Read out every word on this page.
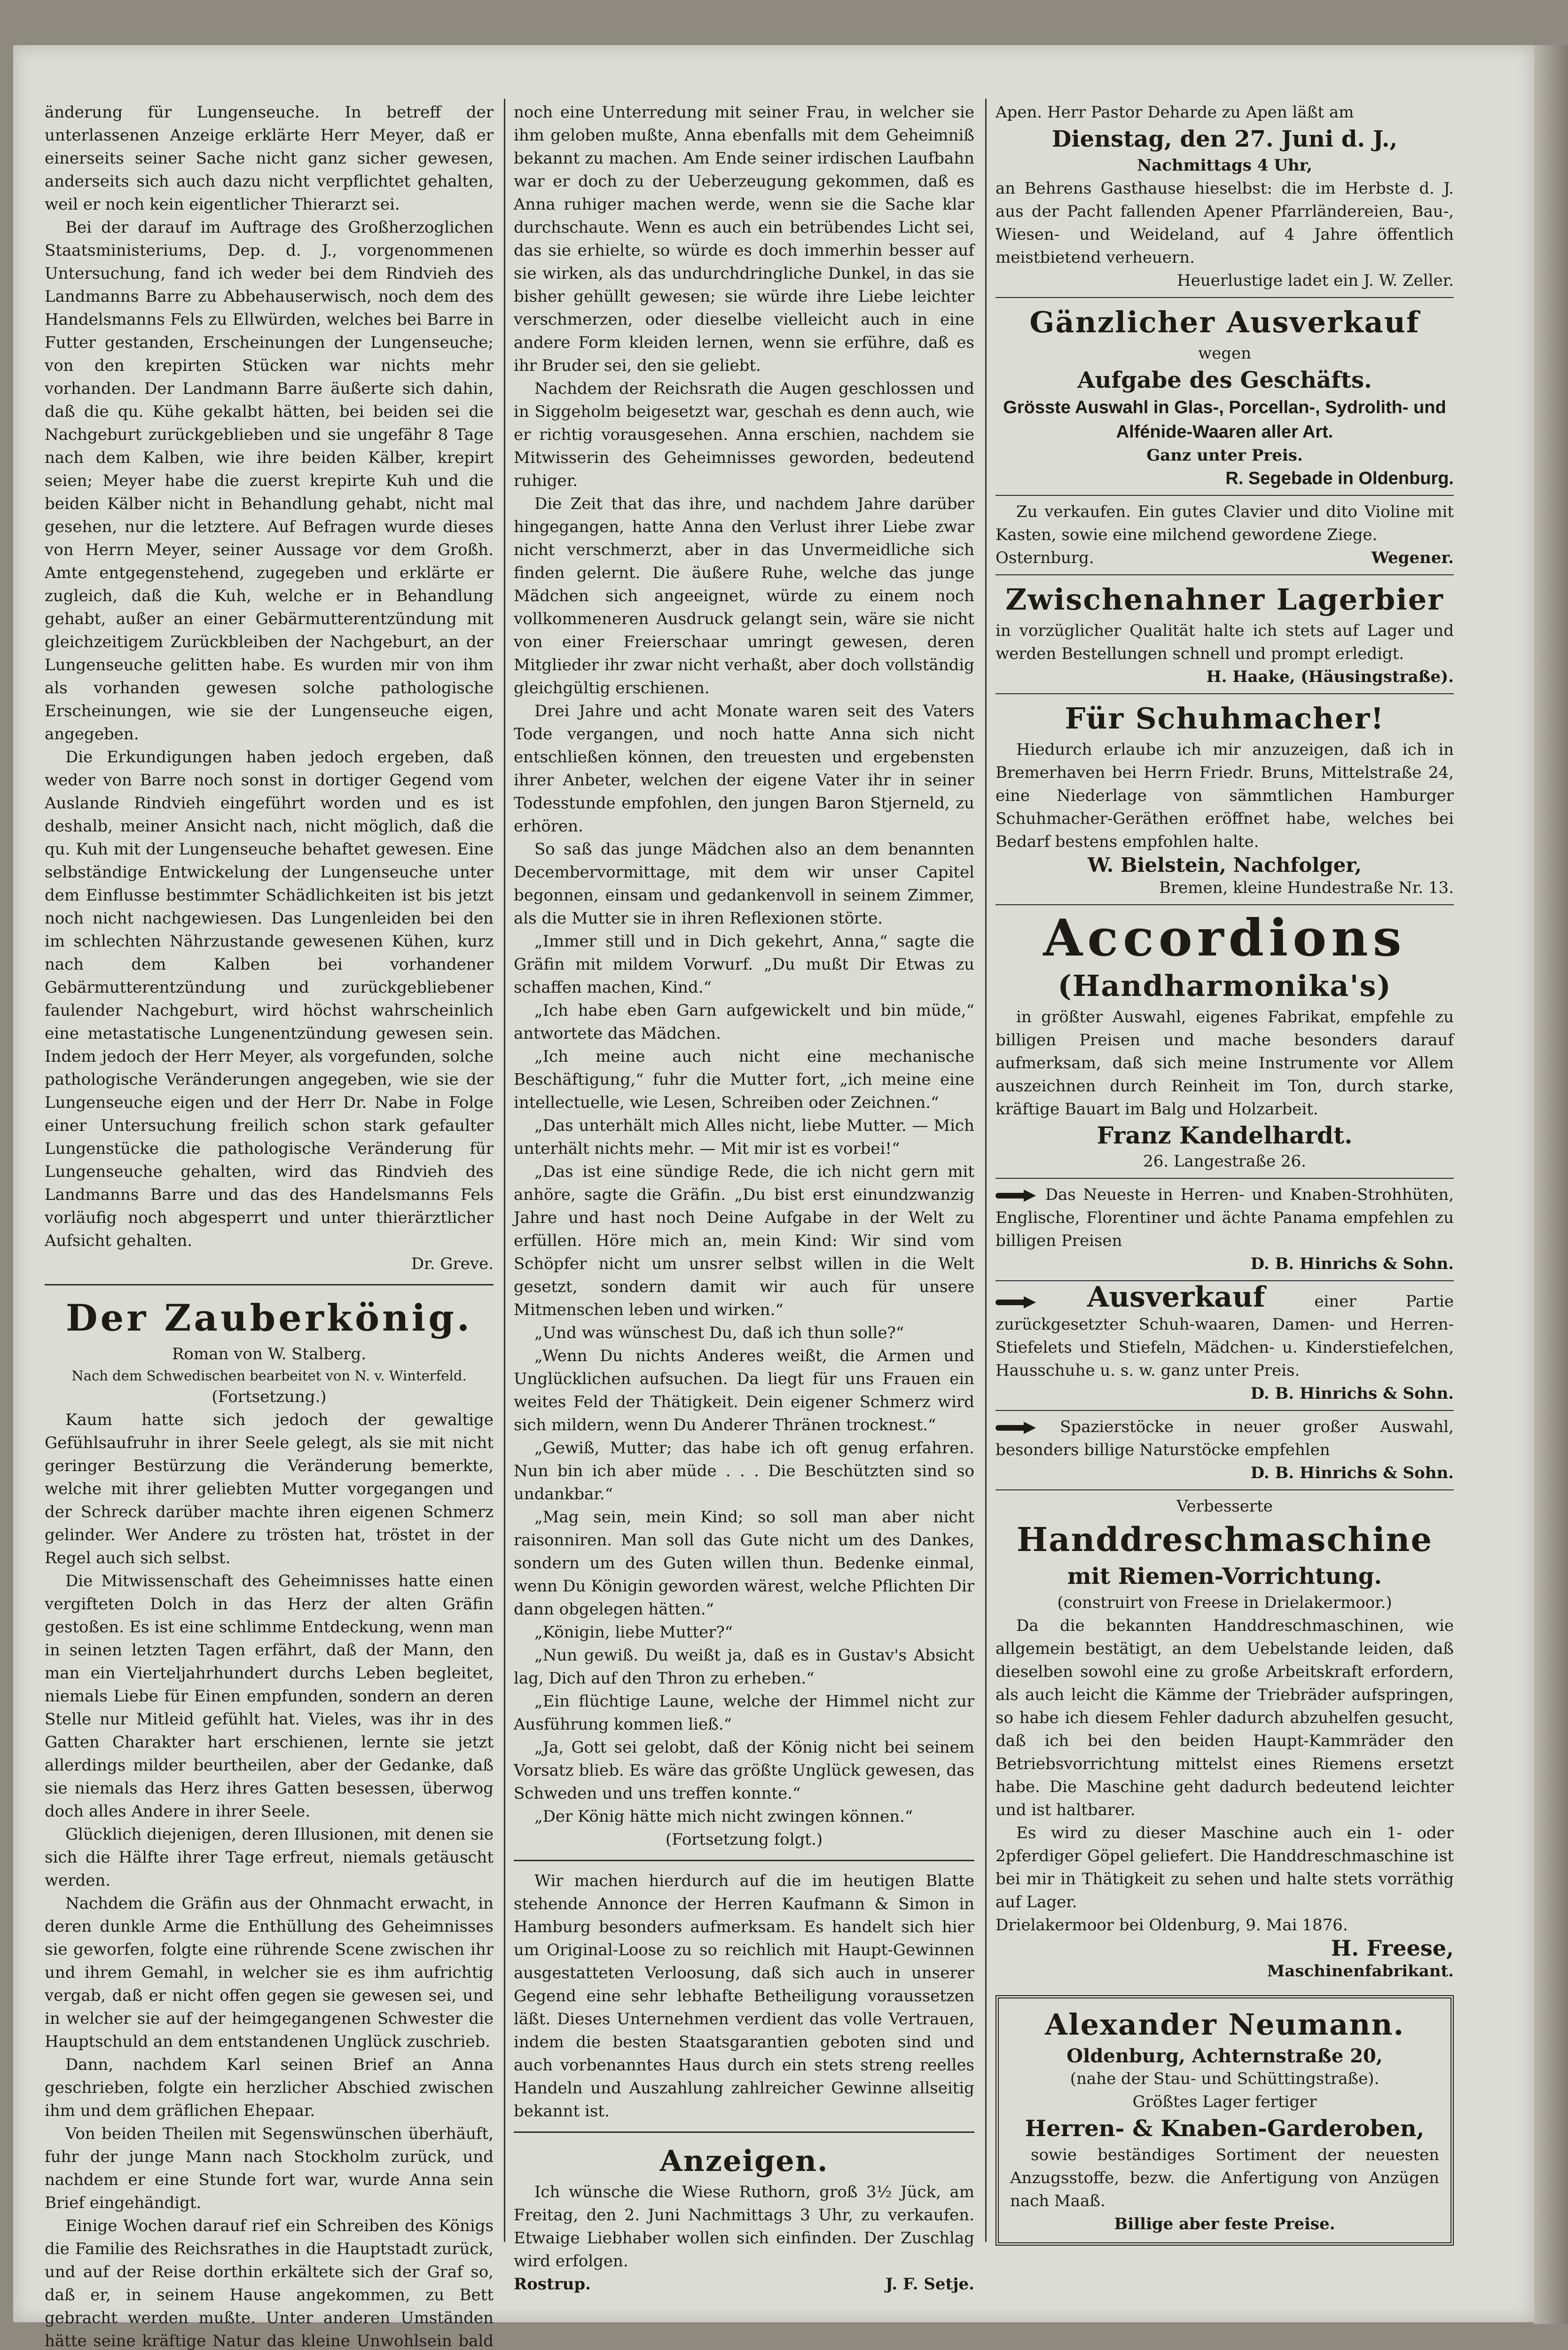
änderung für Lungenseuche. In betreff der unterlassenen Anzeige erklärte Herr Meyer, daß er einerseits seiner Sache nicht ganz sicher gewesen, anderseits sich auch dazu nicht verpflichtet gehalten, weil er noch kein eigentlicher Thierarzt sei.

Bei der darauf im Auftrage des Großherzoglichen Staatsministeriums, Dep. d. J., vorgenommenen Untersuchung, fand ich weder bei dem Rindvieh des Landmanns Barre zu Abbehauserwisch, noch dem des Handelsmanns Fels zu Ellwürden, welches bei Barre in Futter gestanden, Erscheinungen der Lungenseuche; von den krepirten Stücken war nichts mehr vorhanden. Der Landmann Barre äußerte sich dahin, daß die qu. Kühe gekalbt hätten, bei beiden sei die Nachgeburt zurückgeblieben und sie ungefähr 8 Tage nach dem Kalben, wie ihre beiden Kälber, krepirt seien; Meyer habe die zuerst krepirte Kuh und die beiden Kälber nicht in Behandlung gehabt, nicht mal gesehen, nur die letztere. Auf Befragen wurde dieses von Herrn Meyer, seiner Aussage vor dem Großh. Amte entgegenstehend, zugegeben und erklärte er zugleich, daß die Kuh, welche er in Behandlung gehabt, außer an einer Gebärmutterentzündung mit gleichzeitigem Zurückbleiben der Nachgeburt, an der Lungenseuche gelitten habe. Es wurden mir von ihm als vorhanden gewesen solche pathologische Erscheinungen, wie sie der Lungenseuche eigen, angegeben.

Die Erkundigungen haben jedoch ergeben, daß weder von Barre noch sonst in dortiger Gegend vom Auslande Rindvieh eingeführt worden und es ist deshalb, meiner Ansicht nach, nicht möglich, daß die qu. Kuh mit der Lungenseuche behaftet gewesen. Eine selbständige Entwickelung der Lungenseuche unter dem Einflusse bestimmter Schädlichkeiten ist bis jetzt noch nicht nachgewiesen. Das Lungenleiden bei den im schlechten Nährzustande gewesenen Kühen, kurz nach dem Kalben bei vorhandener Gebärmutterentzündung und zurückgebliebener faulender Nachgeburt, wird höchst wahrscheinlich eine metastatische Lungenentzündung gewesen sein. Indem jedoch der Herr Meyer, als vorgefunden, solche pathologische Veränderungen angegeben, wie sie der Lungenseuche eigen und der Herr Dr. Nabe in Folge einer Untersuchung freilich schon stark gefaulter Lungenstücke die pathologische Veränderung für Lungenseuche gehalten, wird das Rindvieh des Landmanns Barre und das des Handelsmanns Fels vorläufig noch abgesperrt und unter thierärztlicher Aufsicht gehalten.

Dr. Greve.

Der Zauberkönig.

Roman von W. Stalberg.

Nach dem Schwedischen bearbeitet von N. v. Winterfeld.

(Fortsetzung.)

Kaum hatte sich jedoch der gewaltige Gefühlsaufruhr in ihrer Seele gelegt, als sie mit nicht geringer Bestürzung die Veränderung bemerkte, welche mit ihrer geliebten Mutter vorgegangen und der Schreck darüber machte ihren eigenen Schmerz gelinder. Wer Andere zu trösten hat, tröstet in der Regel auch sich selbst.

Die Mitwissenschaft des Geheimnisses hatte einen vergifteten Dolch in das Herz der alten Gräfin gestoßen. Es ist eine schlimme Entdeckung, wenn man in seinen letzten Tagen erfährt, daß der Mann, den man ein Vierteljahrhundert durchs Leben begleitet, niemals Liebe für Einen empfunden, sondern an deren Stelle nur Mitleid gefühlt hat. Vieles, was ihr in des Gatten Charakter hart erschienen, lernte sie jetzt allerdings milder beurtheilen, aber der Gedanke, daß sie niemals das Herz ihres Gatten besessen, überwog doch alles Andere in ihrer Seele.

Glücklich diejenigen, deren Illusionen, mit denen sie sich die Hälfte ihrer Tage erfreut, niemals getäuscht werden.

Nachdem die Gräfin aus der Ohnmacht erwacht, in deren dunkle Arme die Enthüllung des Geheimnisses sie geworfen, folgte eine rührende Scene zwischen ihr und ihrem Gemahl, in welcher sie es ihm aufrichtig vergab, daß er nicht offen gegen sie gewesen sei, und in welcher sie auf der heimgegangenen Schwester die Hauptschuld an dem entstandenen Unglück zuschrieb.

Dann, nachdem Karl seinen Brief an Anna geschrieben, folgte ein herzlicher Abschied zwischen ihm und dem gräflichen Ehepaar.

Von beiden Theilen mit Segenswünschen überhäuft, fuhr der junge Mann nach Stockholm zurück, und nachdem er eine Stunde fort war, wurde Anna sein Brief eingehändigt.

Einige Wochen darauf rief ein Schreiben des Königs die Familie des Reichsrathes in die Hauptstadt zurück, und auf der Reise dorthin erkältete sich der Graf so, daß er, in seinem Hause angekommen, zu Bett gebracht werden mußte. Unter anderen Umständen hätte seine kräftige Natur das kleine Unwohlsein bald

noch eine Unterredung mit seiner Frau, in welcher sie ihm geloben mußte, Anna ebenfalls mit dem Geheimniß bekannt zu machen. Am Ende seiner irdischen Laufbahn war er doch zu der Ueberzeugung gekommen, daß es Anna ruhiger machen werde, wenn sie die Sache klar durchschaute. Wenn es auch ein betrübendes Licht sei, das sie erhielte, so würde es doch immerhin besser auf sie wirken, als das undurchdringliche Dunkel, in das sie bisher gehüllt gewesen; sie würde ihre Liebe leichter verschmerzen, oder dieselbe vielleicht auch in eine andere Form kleiden lernen, wenn sie erführe, daß es ihr Bruder sei, den sie geliebt.

Nachdem der Reichsrath die Augen geschlossen und in Siggeholm beigesetzt war, geschah es denn auch, wie er richtig vorausgesehen. Anna erschien, nachdem sie Mitwisserin des Geheimnisses geworden, bedeutend ruhiger.

Die Zeit that das ihre, und nachdem Jahre darüber hingegangen, hatte Anna den Verlust ihrer Liebe zwar nicht verschmerzt, aber in das Unvermeidliche sich finden gelernt. Die äußere Ruhe, welche das junge Mädchen sich angeeignet, würde zu einem noch vollkommeneren Ausdruck gelangt sein, wäre sie nicht von einer Freierschaar umringt gewesen, deren Mitglieder ihr zwar nicht verhaßt, aber doch vollständig gleichgültig erschienen.

Drei Jahre und acht Monate waren seit des Vaters Tode vergangen, und noch hatte Anna sich nicht entschließen können, den treuesten und ergebensten ihrer Anbeter, welchen der eigene Vater ihr in seiner Todesstunde empfohlen, den jungen Baron Stjerneld, zu erhören.

So saß das junge Mädchen also an dem benannten Decembervormittage, mit dem wir unser Capitel begonnen, einsam und gedankenvoll in seinem Zimmer, als die Mutter sie in ihren Reflexionen störte.

„Immer still und in Dich gekehrt, Anna,“ sagte die Gräfin mit mildem Vorwurf. „Du mußt Dir Etwas zu schaffen machen, Kind.“

„Ich habe eben Garn aufgewickelt und bin müde,“ antwortete das Mädchen.

„Ich meine auch nicht eine mechanische Beschäftigung,“ fuhr die Mutter fort, „ich meine eine intellectuelle, wie Lesen, Schreiben oder Zeichnen.“

„Das unterhält mich Alles nicht, liebe Mutter. — Mich unterhält nichts mehr. — Mit mir ist es vorbei!“

„Das ist eine sündige Rede, die ich nicht gern mit anhöre, sagte die Gräfin. „Du bist erst einundzwanzig Jahre und hast noch Deine Aufgabe in der Welt zu erfüllen. Höre mich an, mein Kind: Wir sind vom Schöpfer nicht um unsrer selbst willen in die Welt gesetzt, sondern damit wir auch für unsere Mitmenschen leben und wirken.“

„Und was wünschest Du, daß ich thun solle?“

„Wenn Du nichts Anderes weißt, die Armen und Unglücklichen aufsuchen. Da liegt für uns Frauen ein weites Feld der Thätigkeit. Dein eigener Schmerz wird sich mildern, wenn Du Anderer Thränen trocknest.“

„Gewiß, Mutter; das habe ich oft genug erfahren. Nun bin ich aber müde . . . Die Beschützten sind so undankbar.“

„Mag sein, mein Kind; so soll man aber nicht raisonniren. Man soll das Gute nicht um des Dankes, sondern um des Guten willen thun. Bedenke einmal, wenn Du Königin geworden wärest, welche Pflichten Dir dann obgelegen hätten.“

„Königin, liebe Mutter?“

„Nun gewiß. Du weißt ja, daß es in Gustav's Absicht lag, Dich auf den Thron zu erheben.“

„Ein flüchtige Laune, welche der Himmel nicht zur Ausführung kommen ließ.“

„Ja, Gott sei gelobt, daß der König nicht bei seinem Vorsatz blieb. Es wäre das größte Unglück gewesen, das Schweden und uns treffen konnte.“

„Der König hätte mich nicht zwingen können.“

(Fortsetzung folgt.)

Wir machen hierdurch auf die im heutigen Blatte stehende Annonce der Herren Kaufmann & Simon in Hamburg besonders aufmerksam. Es handelt sich hier um Original-Loose zu so reichlich mit Haupt-Gewinnen ausgestatteten Verloosung, daß sich auch in unserer Gegend eine sehr lebhafte Betheiligung voraussetzen läßt. Dieses Unternehmen verdient das volle Vertrauen, indem die besten Staatsgarantien geboten sind und auch vorbenanntes Haus durch ein stets streng reelles Handeln und Auszahlung zahlreicher Gewinne allseitig bekannt ist.

Anzeigen.

Ich wünsche die Wiese Ruthorn, groß 3½ Jück, am Freitag, den 2. Juni Nachmittags 3 Uhr, zu verkaufen. Etwaige Liebhaber wollen sich einfinden. Der Zuschlag wird erfolgen.

Rostrup.	J. F. Setje.

Apen. Herr Pastor Deharde zu Apen läßt am

Dienstag, den 27. Juni d. J.,

Nachmittags 4 Uhr,

an Behrens Gasthause hieselbst: die im Herbste d. J. aus der Pacht fallenden Apener Pfarrländereien, Bau-, Wiesen- und Weideland, auf 4 Jahre öffentlich meistbietend verheuern.

Heuerlustige ladet ein J. W. Zeller.

Gänzlicher Ausverkauf

wegen

Aufgabe des Geschäfts.

Grösste Auswahl in Glas-, Porcellan-, Sydrolith- und Alfénide-Waaren aller Art.

Ganz unter Preis.

R. Segebade in Oldenburg.

Zu verkaufen. Ein gutes Clavier und dito Violine mit Kasten, sowie eine milchend gewordene Ziege.

Osternburg.	Wegener.
Zwischenahner Lagerbier

in vorzüglicher Qualität halte ich stets auf Lager und werden Bestellungen schnell und prompt erledigt.

H. Haake, (Häusingstraße).

Für Schuhmacher!

Hiedurch erlaube ich mir anzuzeigen, daß ich in Bremerhaven bei Herrn Friedr. Bruns, Mittelstraße 24, eine Niederlage von sämmtlichen Hamburger Schuhmacher-Geräthen eröffnet habe, welches bei Bedarf bestens empfohlen halte.

W. Bielstein, Nachfolger,

Bremen, kleine Hundestraße Nr. 13.

Accordions
(Handharmonika's)

in größter Auswahl, eigenes Fabrikat, empfehle zu billigen Preisen und mache besonders darauf aufmerksam, daß sich meine Instrumente vor Allem auszeichnen durch Reinheit im Ton, durch starke, kräftige Bauart im Balg und Holzarbeit.

Franz Kandelhardt.

26. Langestraße 26.

Das Neueste in Herren- und Knaben-Strohhüten, Englische, Florentiner und ächte Panama empfehlen zu billigen Preisen

D. B. Hinrichs & Sohn.

Ausverkauf	einer Partie zurückgesetzter Schuh-waaren, Damen- und Herren-Stiefelets und Stiefeln, Mädchen- u. Kinderstiefelchen, Hausschuhe u. s. w. ganz unter Preis.

D. B. Hinrichs & Sohn.

Spazierstöcke in neuer großer Auswahl, besonders billige Naturstöcke empfehlen

D. B. Hinrichs & Sohn.

Verbesserte

Handdreschmaschine
mit Riemen-Vorrichtung.

(construirt von Freese in Drielakermoor.)

Da die bekannten Handdreschmaschinen, wie allgemein bestätigt, an dem Uebelstande leiden, daß dieselben sowohl eine zu große Arbeitskraft erfordern, als auch leicht die Kämme der Triebräder aufspringen, so habe ich diesem Fehler dadurch abzuhelfen gesucht, daß ich bei den beiden Haupt-Kammräder den Betriebsvorrichtung mittelst eines Riemens ersetzt habe. Die Maschine geht dadurch bedeutend leichter und ist haltbarer.

Es wird zu dieser Maschine auch ein 1- oder 2pferdiger Göpel geliefert. Die Handdreschmaschine ist bei mir in Thätigkeit zu sehen und halte stets vorräthig auf Lager.

Drielakermoor bei Oldenburg, 9. Mai 1876.

H. Freese,

Maschinenfabrikant.

Alexander Neumann.

Oldenburg, Achternstraße 20,

(nahe der Stau- und Schüttingstraße).

Größtes Lager fertiger

Herren- & Knaben-Garderoben,

sowie beständiges Sortiment der neuesten Anzugsstoffe, bezw. die Anfertigung von Anzügen nach Maaß.

Billige aber feste Preise.
